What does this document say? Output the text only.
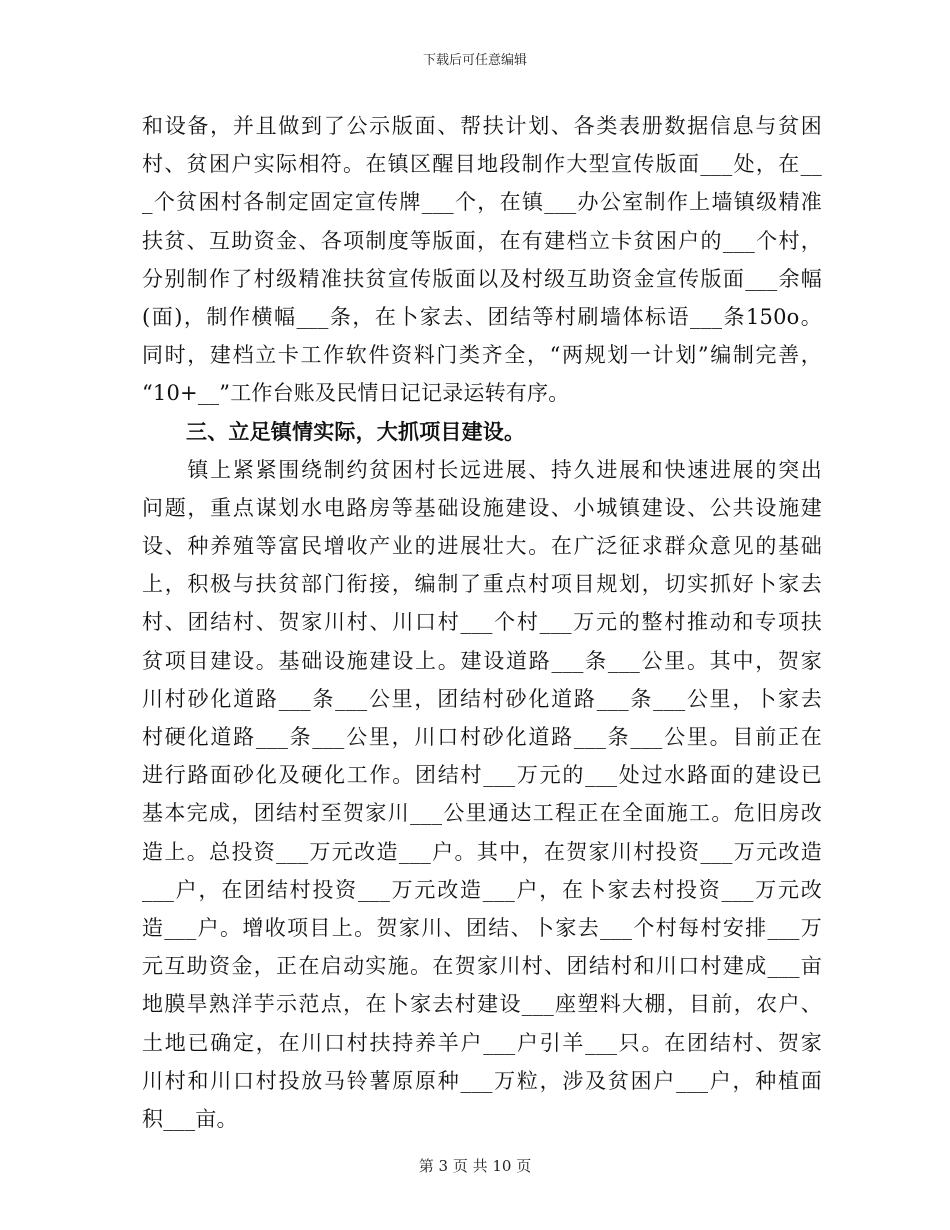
下载后可任意编辑
和设备，并且做到了公示版面、帮扶计划、各类表册数据信息与贫困
村、贫困户实际相符。在镇区醒目地段制作大型宣传版面___处，在__
_个贫困村各制定固定宣传牌___个，在镇___办公室制作上墙镇级精准
扶贫、互助资金、各项制度等版面，在有建档立卡贫困户的___个村，
分别制作了村级精准扶贫宣传版面以及村级互助资金宣传版面___余幅
(面)，制作横幅___条，在卜家去、团结等村刷墙体标语___条150o。
同时，建档立卡工作软件资料门类齐全，“两规划一计划”编制完善，
“10+__”工作台账及民情日记记录运转有序。
三、立足镇情实际，大抓项目建设。
　　镇上紧紧围绕制约贫困村长远进展、持久进展和快速进展的突出
问题，重点谋划水电路房等基础设施建设、小城镇建设、公共设施建
设、种养殖等富民增收产业的进展壮大。在广泛征求群众意见的基础
上，积极与扶贫部门衔接，编制了重点村项目规划，切实抓好卜家去
村、团结村、贺家川村、川口村___个村___万元的整村推动和专项扶
贫项目建设。基础设施建设上。建设道路___条___公里。其中，贺家
川村砂化道路___条___公里，团结村砂化道路___条___公里，卜家去
村硬化道路___条___公里，川口村砂化道路___条___公里。目前正在
进行路面砂化及硬化工作。团结村___万元的___处过水路面的建设已
基本完成，团结村至贺家川___公里通达工程正在全面施工。危旧房改
造上。总投资___万元改造___户。其中，在贺家川村投资___万元改造
___户，在团结村投资___万元改造___户，在卜家去村投资___万元改
造___户。增收项目上。贺家川、团结、卜家去___个村每村安排___万
元互助资金，正在启动实施。在贺家川村、团结村和川口村建成___亩
地膜旱熟洋芋示范点，在卜家去村建设___座塑料大棚，目前，农户、
土地已确定，在川口村扶持养羊户___户引羊___只。在团结村、贺家
川村和川口村投放马铃薯原原种___万粒，涉及贫困户___户，种植面
积___亩。
第 3 页 共 10 页
